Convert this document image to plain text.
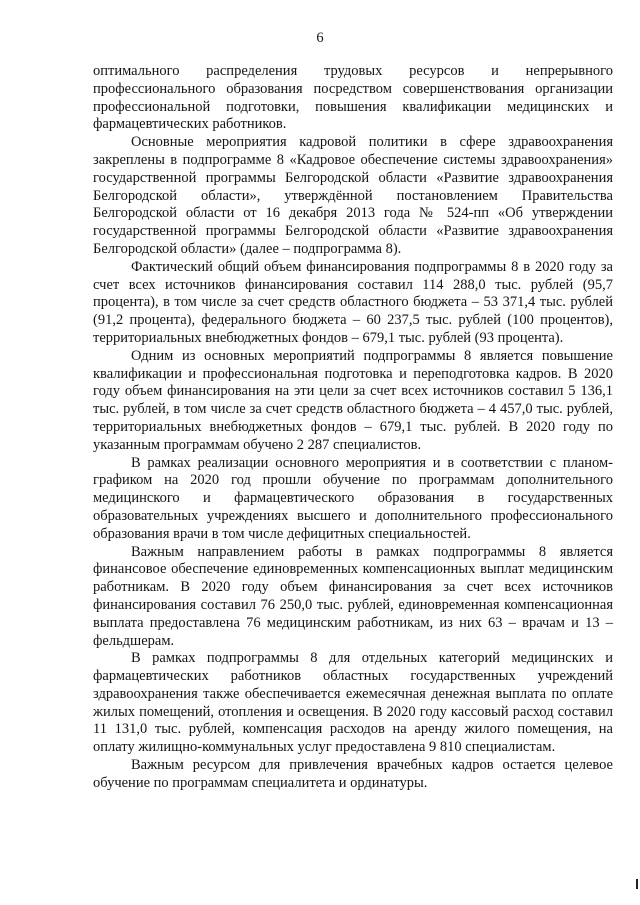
6

оптимального распределения трудовых ресурсов и непрерывного профессионального образования посредством совершенствования организации профессиональной подготовки, повышения квалификации медицинских и фармацевтических работников.

Основные мероприятия кадровой политики в сфере здравоохранения закреплены в подпрограмме 8 «Кадровое обеспечение системы здравоохранения» государственной программы Белгородской области «Развитие здравоохранения Белгородской области», утверждённой постановлением Правительства Белгородской области от 16 декабря 2013 года № 524-пп «Об утверждении государственной программы Белгородской области «Развитие здравоохранения Белгородской области» (далее – подпрограмма 8).

Фактический общий объем финансирования подпрограммы 8 в 2020 году за счет всех источников финансирования составил 114 288,0 тыс. рублей (95,7 процента), в том числе за счет средств областного бюджета – 53 371,4 тыс. рублей (91,2 процента), федерального бюджета – 60 237,5 тыс. рублей (100 процентов), территориальных внебюджетных фондов – 679,1 тыс. рублей (93 процента).

Одним из основных мероприятий подпрограммы 8 является повышение квалификации и профессиональная подготовка и переподготовка кадров. В 2020 году объем финансирования на эти цели за счет всех источников составил 5 136,1 тыс. рублей, в том числе за счет средств областного бюджета – 4 457,0 тыс. рублей, территориальных внебюджетных фондов – 679,1 тыс. рублей. В 2020 году по указанным программам обучено 2 287 специалистов.

В рамках реализации основного мероприятия и в соответствии с планом-графиком на 2020 год прошли обучение по программам дополнительного медицинского и фармацевтического образования в государственных образовательных учреждениях высшего и дополнительного профессионального образования врачи в том числе дефицитных специальностей.

Важным направлением работы в рамках подпрограммы 8 является финансовое обеспечение единовременных компенсационных выплат медицинским работникам. В 2020 году объем финансирования за счет всех источников финансирования составил 76 250,0 тыс. рублей, единовременная компенсационная выплата предоставлена 76 медицинским работникам, из них 63 – врачам и 13 – фельдшерам.

В рамках подпрограммы 8 для отдельных категорий медицинских и фармацевтических работников областных государственных учреждений здравоохранения также обеспечивается ежемесячная денежная выплата по оплате жилых помещений, отопления и освещения. В 2020 году кассовый расход составил 11 131,0 тыс. рублей, компенсация расходов на аренду жилого помещения, на оплату жилищно-коммунальных услуг предоставлена 9 810 специалистам.

Важным ресурсом для привлечения врачебных кадров остается целевое обучение по программам специалитета и ординатуры.
